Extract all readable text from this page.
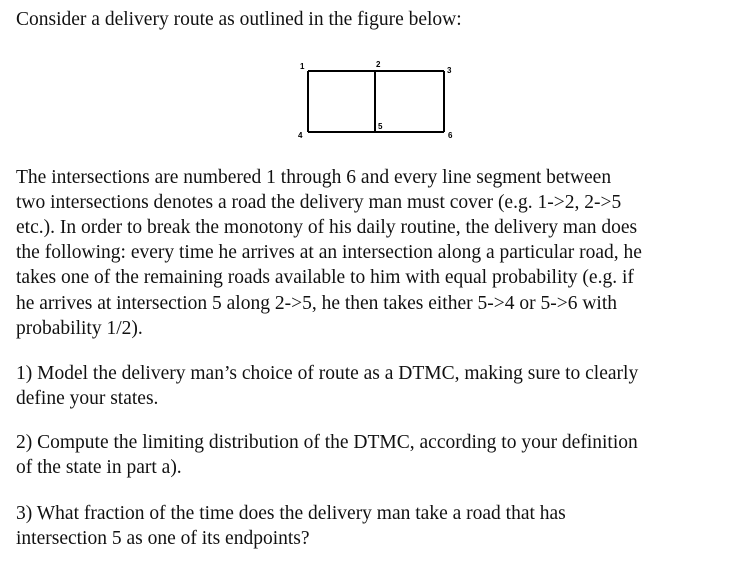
Consider a delivery route as outlined in the figure below:
1	2
3
4
5
6
The intersections are numbered 1 through 6 and every line segment between
two intersections denotes a road the delivery man must cover (e.g. 1->2, 2->5
etc.). In order to break the monotony of his daily routine, the delivery man does
the following: every time he arrives at an intersection along a particular road, he
takes one of the remaining roads available to him with equal probability (e.g. if
he arrives at intersection 5 along 2->5, he then takes either 5->4 or 5->6 with
probability 1/2).
1) Model the delivery man’s choice of route as a DTMC, making sure to clearly
define your states.
2) Compute the limiting distribution of the DTMC, according to your definition
of the state in part a).
3) What fraction of the time does the delivery man take a road that has
intersection 5 as one of its endpoints?
